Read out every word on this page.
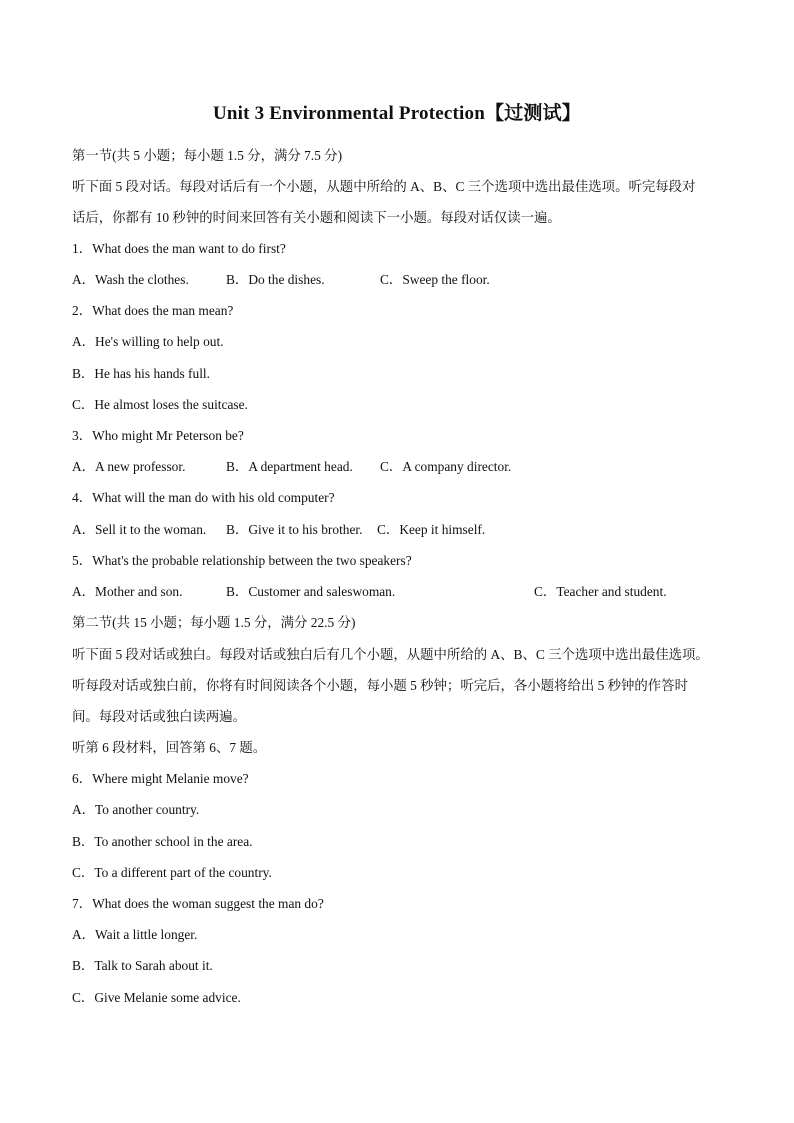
Unit 3 Environmental Protection【过测试】
第一节(共 5 小题；每小题 1.5 分，满分 7.5 分)
听下面 5 段对话。每段对话后有一个小题，从题中所给的 A、B、C 三个选项中选出最佳选项。听完每段对
话后，你都有 10 秒钟的时间来回答有关小题和阅读下一小题。每段对话仅读一遍。
1．What does the man want to do first?
A．Wash the clothes.	B．Do the dishes.	C．Sweep the floor.
2．What does the man mean?
A．He's willing to help out.
B．He has his hands full.
C．He almost loses the suitcase.
3．Who might Mr Peterson be?
A．A new professor.	B．A department head. C．A company director.
4．What will the man do with his old computer?
A．Sell it to the woman. B．Give it to his brother. C．Keep it himself.
5．What's the probable relationship between the two speakers?
A．Mother and son.	B．Customer and saleswoman.	C．Teacher and student.
第二节(共 15 小题；每小题 1.5 分，满分 22.5 分)
听下面 5 段对话或独白。每段对话或独白后有几个小题，从题中所给的 A、B、C 三个选项中选出最佳选项。
听每段对话或独白前，你将有时间阅读各个小题，每小题 5 秒钟；听完后，各小题将给出 5 秒钟的作答时
间。每段对话或独白读两遍。
听第 6 段材料，回答第 6、7 题。
6．Where might Melanie move?
A．To another country.
B．To another school in the area.
C．To a different part of the country.
7．What does the woman suggest the man do?
A．Wait a little longer.
B．Talk to Sarah about it.
C．Give Melanie some advice.
